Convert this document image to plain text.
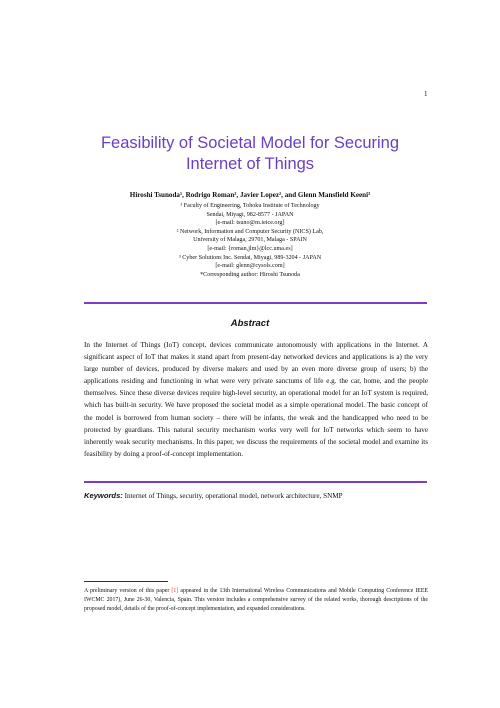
1
Feasibility of Societal Model for Securing
Internet of Things
Hiroshi Tsunoda¹, Rodrigo Roman², Javier Lopez², and Glenn Mansfield Keeni³
¹ Faculty of Engineering, Tohoku Institute of Technology
Sendai, Miyagi, 982-8577 - JAPAN
[e-mail: tsuno@m.ieice.org]
² Network, Information and Computer Security (NICS) Lab,
University of Malaga, 29701, Malaga - SPAIN
[e-mail: {roman,jlm}@lcc.uma.es]
³ Cyber Solutions Inc. Sendai, Miyagi, 989-3204 - JAPAN
[e-mail: glenn@cysols.com]
*Corresponding author: Hiroshi Tsunoda
Abstract
In the Internet of Things (IoT) concept, devices communicate autonomously with applications in the Internet. A significant aspect of IoT that makes it stand apart from present-day networked devices and applications is a) the very large number of devices, produced by diverse makers and used by an even more diverse group of users; b) the applications residing and functioning in what were very private sanctums of life e.g. the car, home, and the people themselves. Since these diverse devices require high-level security, an operational model for an IoT system is required, which has built-in security. We have proposed the societal model as a simple operational model. The basic concept of the model is borrowed from human society – there will be infants, the weak and the handicapped who need to be protected by guardians. This natural security mechanism works very well for IoT networks which seem to have inherently weak security mechanisms. In this paper, we discuss the requirements of the societal model and examine its feasibility by doing a proof-of-concept implementation.
Keywords: Internet of Things, security, operational model, network architecture, SNMP
A preliminary version of this paper [1] appeared in the 13th International Wireless Communications and Mobile Computing Conference IEEE IWCMC 2017), June 26-30, Valencia, Spain. This version includes a comprehensive survey of the related works, thorough descriptions of the proposed model, details of the proof-of-concept implementation, and expanded considerations.
